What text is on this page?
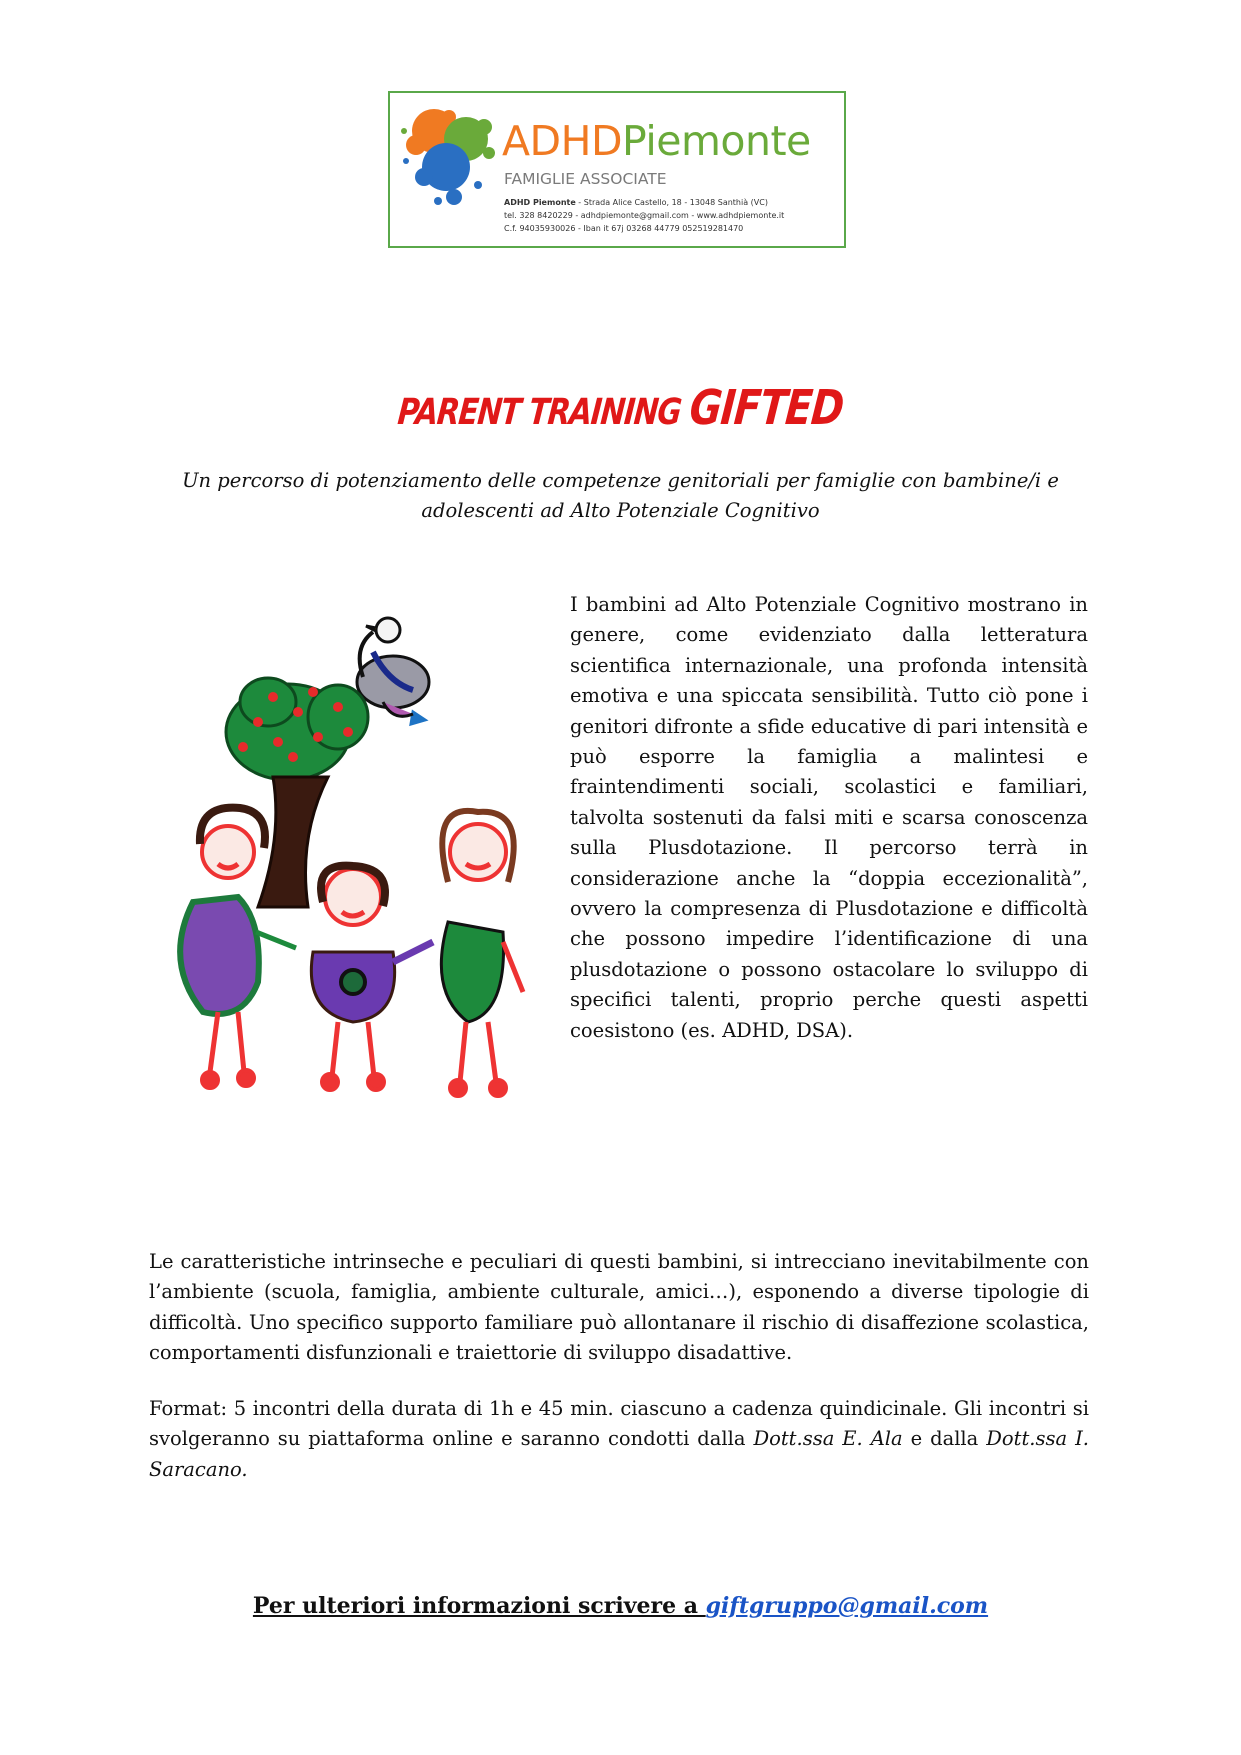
ADHDPiemonte
FAMIGLIE ASSOCIATE
ADHD Piemonte - Strada Alice Castello, 18 - 13048 Santhià (VC)
tel. 328 8420229 - adhdpiemonte@gmail.com - www.adhdpiemonte.it
C.f. 94035930026 - Iban it 67j 03268 44779 052519281470
PARENT TRAINING GIFTED
Un percorso di potenziamento delle competenze genitoriali per famiglie con bambine/i e adolescenti ad Alto Potenziale Cognitivo

I bambini ad Alto Potenziale Cognitivo mostrano in genere, come evidenziato dalla letteratura scientifica internazionale, una profonda intensità emotiva e una spiccata sensibilità. Tutto ciò pone i genitori difronte a sfide educative di pari intensità e può esporre la famiglia a malintesi e fraintendimenti sociali, scolastici e familiari, talvolta sostenuti da falsi miti e scarsa conoscenza sulla Plusdotazione. Il percorso terrà in considerazione anche la “doppia eccezionalità”, ovvero la compresenza di Plusdotazione e difficoltà che possono impedire l’identificazione di una plusdotazione o possono ostacolare lo sviluppo di specifici talenti, proprio perche questi aspetti coesistono (es. ADHD, DSA).

Le caratteristiche intrinseche e peculiari di questi bambini, si intrecciano inevitabilmente con l’ambiente (scuola, famiglia, ambiente culturale, amici…), esponendo a diverse tipologie di difficoltà. Uno specifico supporto familiare può allontanare il rischio di disaffezione scolastica, comportamenti disfunzionali e traiettorie di sviluppo disadattive.

Format: 5 incontri della durata di 1h e 45 min. ciascuno a cadenza quindicinale. Gli incontri si svolgeranno su piattaforma online e saranno condotti dalla Dott.ssa E. Ala e dalla Dott.ssa I. Saracano.

Per ulteriori informazioni scrivere a giftgruppo@gmail.com
